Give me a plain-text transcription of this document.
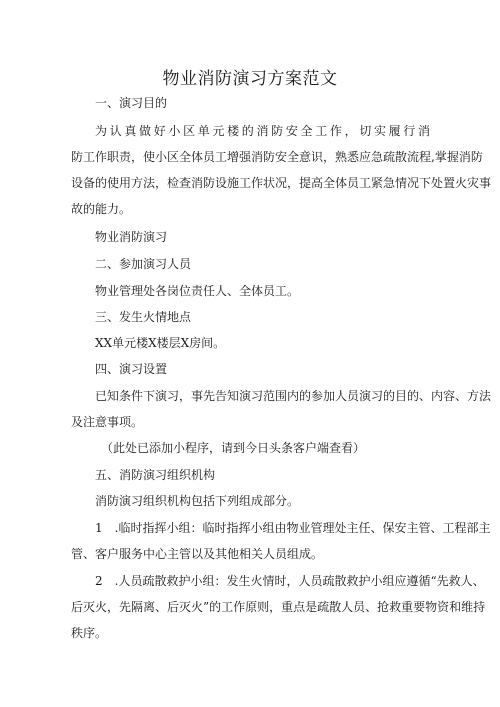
物业消防演习方案范文
一、演习目的
为认真做好小区单元楼的消防安全工作，切实履行消
防工作职责，使小区全体员工增强消防安全意识，熟悉应急疏散流程,掌握消防
设备的使用方法，检查消防设施工作状况，提高全体员工紧急情况下处置火灾事
故的能力。
物业消防演习
二、参加演习人员
物业管理处各岗位责任人、全体员工。
三、发生火情地点
XX单元楼X楼层X房间。
四、演习设置
已知条件下演习，事先告知演习范围内的参加人员演习的目的、内容、方法
及注意事项。
（此处已添加小程序，请到今日头条客户端查看）
五、消防演习组织机构
消防演习组织机构包括下列组成部分。
1　.临时指挥小组：临时指挥小组由物业管理处主任、保安主管、工程部主
管、客户服务中心主管以及其他相关人员组成。
2　.人员疏散救护小组：发生火情时，人员疏散救护小组应遵循“先救人、
后灭火，先隔离、后灭火”的工作原则，重点是疏散人员、抢救重要物资和维持
秩序。
